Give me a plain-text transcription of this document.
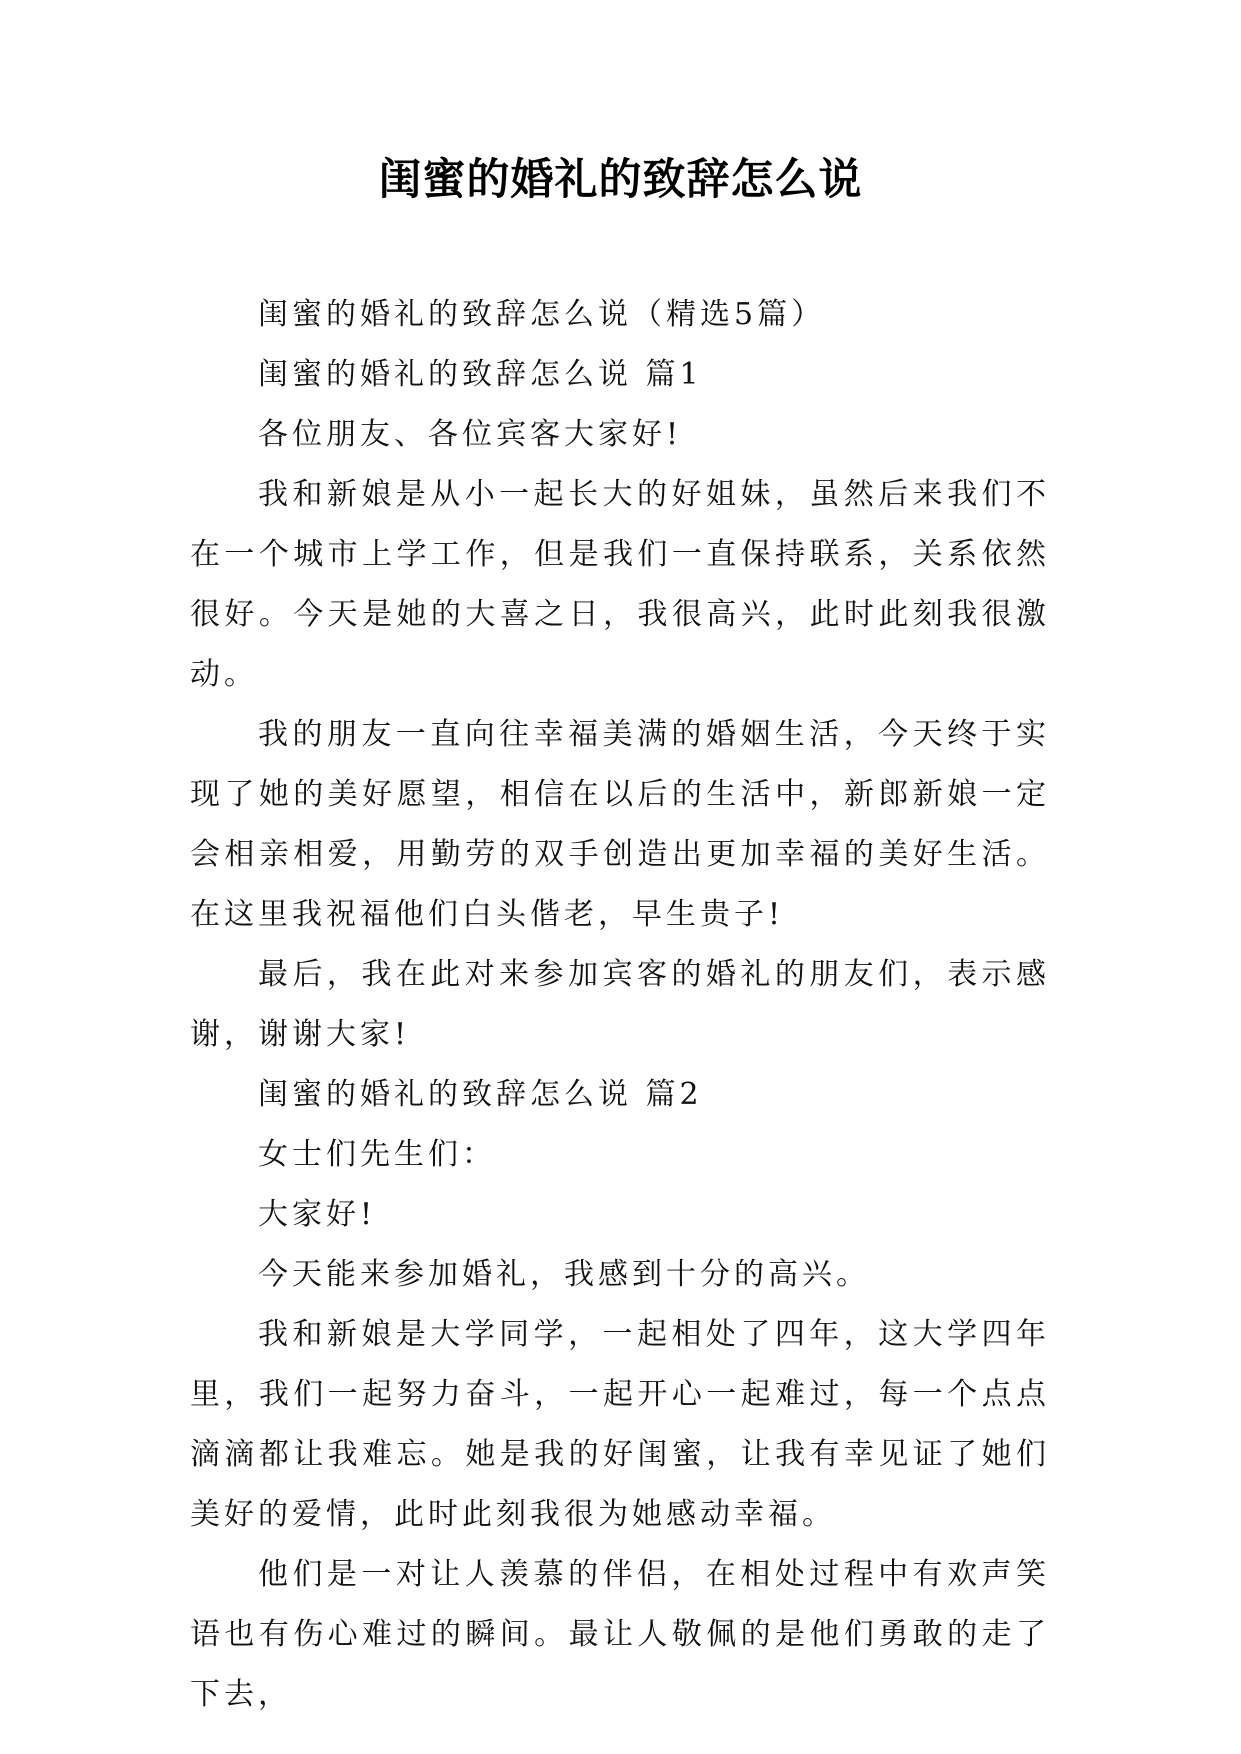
闺蜜的婚礼的致辞怎么说

闺蜜的婚礼的致辞怎么说（精选5篇）

闺蜜的婚礼的致辞怎么说 篇1

各位朋友、各位宾客大家好!

我和新娘是从小一起长大的好姐妹，虽然后来我们不在一个城市上学工作，但是我们一直保持联系，关系依然很好。今天是她的大喜之日，我很高兴，此时此刻我很激动。

我的朋友一直向往幸福美满的婚姻生活，今天终于实现了她的美好愿望，相信在以后的生活中，新郎新娘一定会相亲相爱，用勤劳的双手创造出更加幸福的美好生活。在这里我祝福他们白头偕老，早生贵子!

最后，我在此对来参加宾客的婚礼的朋友们，表示感谢，谢谢大家!

闺蜜的婚礼的致辞怎么说 篇2

女士们先生们：

大家好!

今天能来参加婚礼，我感到十分的高兴。

我和新娘是大学同学，一起相处了四年，这大学四年里，我们一起努力奋斗，一起开心一起难过，每一个点点滴滴都让我难忘。她是我的好闺蜜，让我有幸见证了她们美好的爱情，此时此刻我很为她感动幸福。

他们是一对让人羡慕的伴侣，在相处过程中有欢声笑语也有伤心难过的瞬间。最让人敬佩的是他们勇敢的走了下去，
